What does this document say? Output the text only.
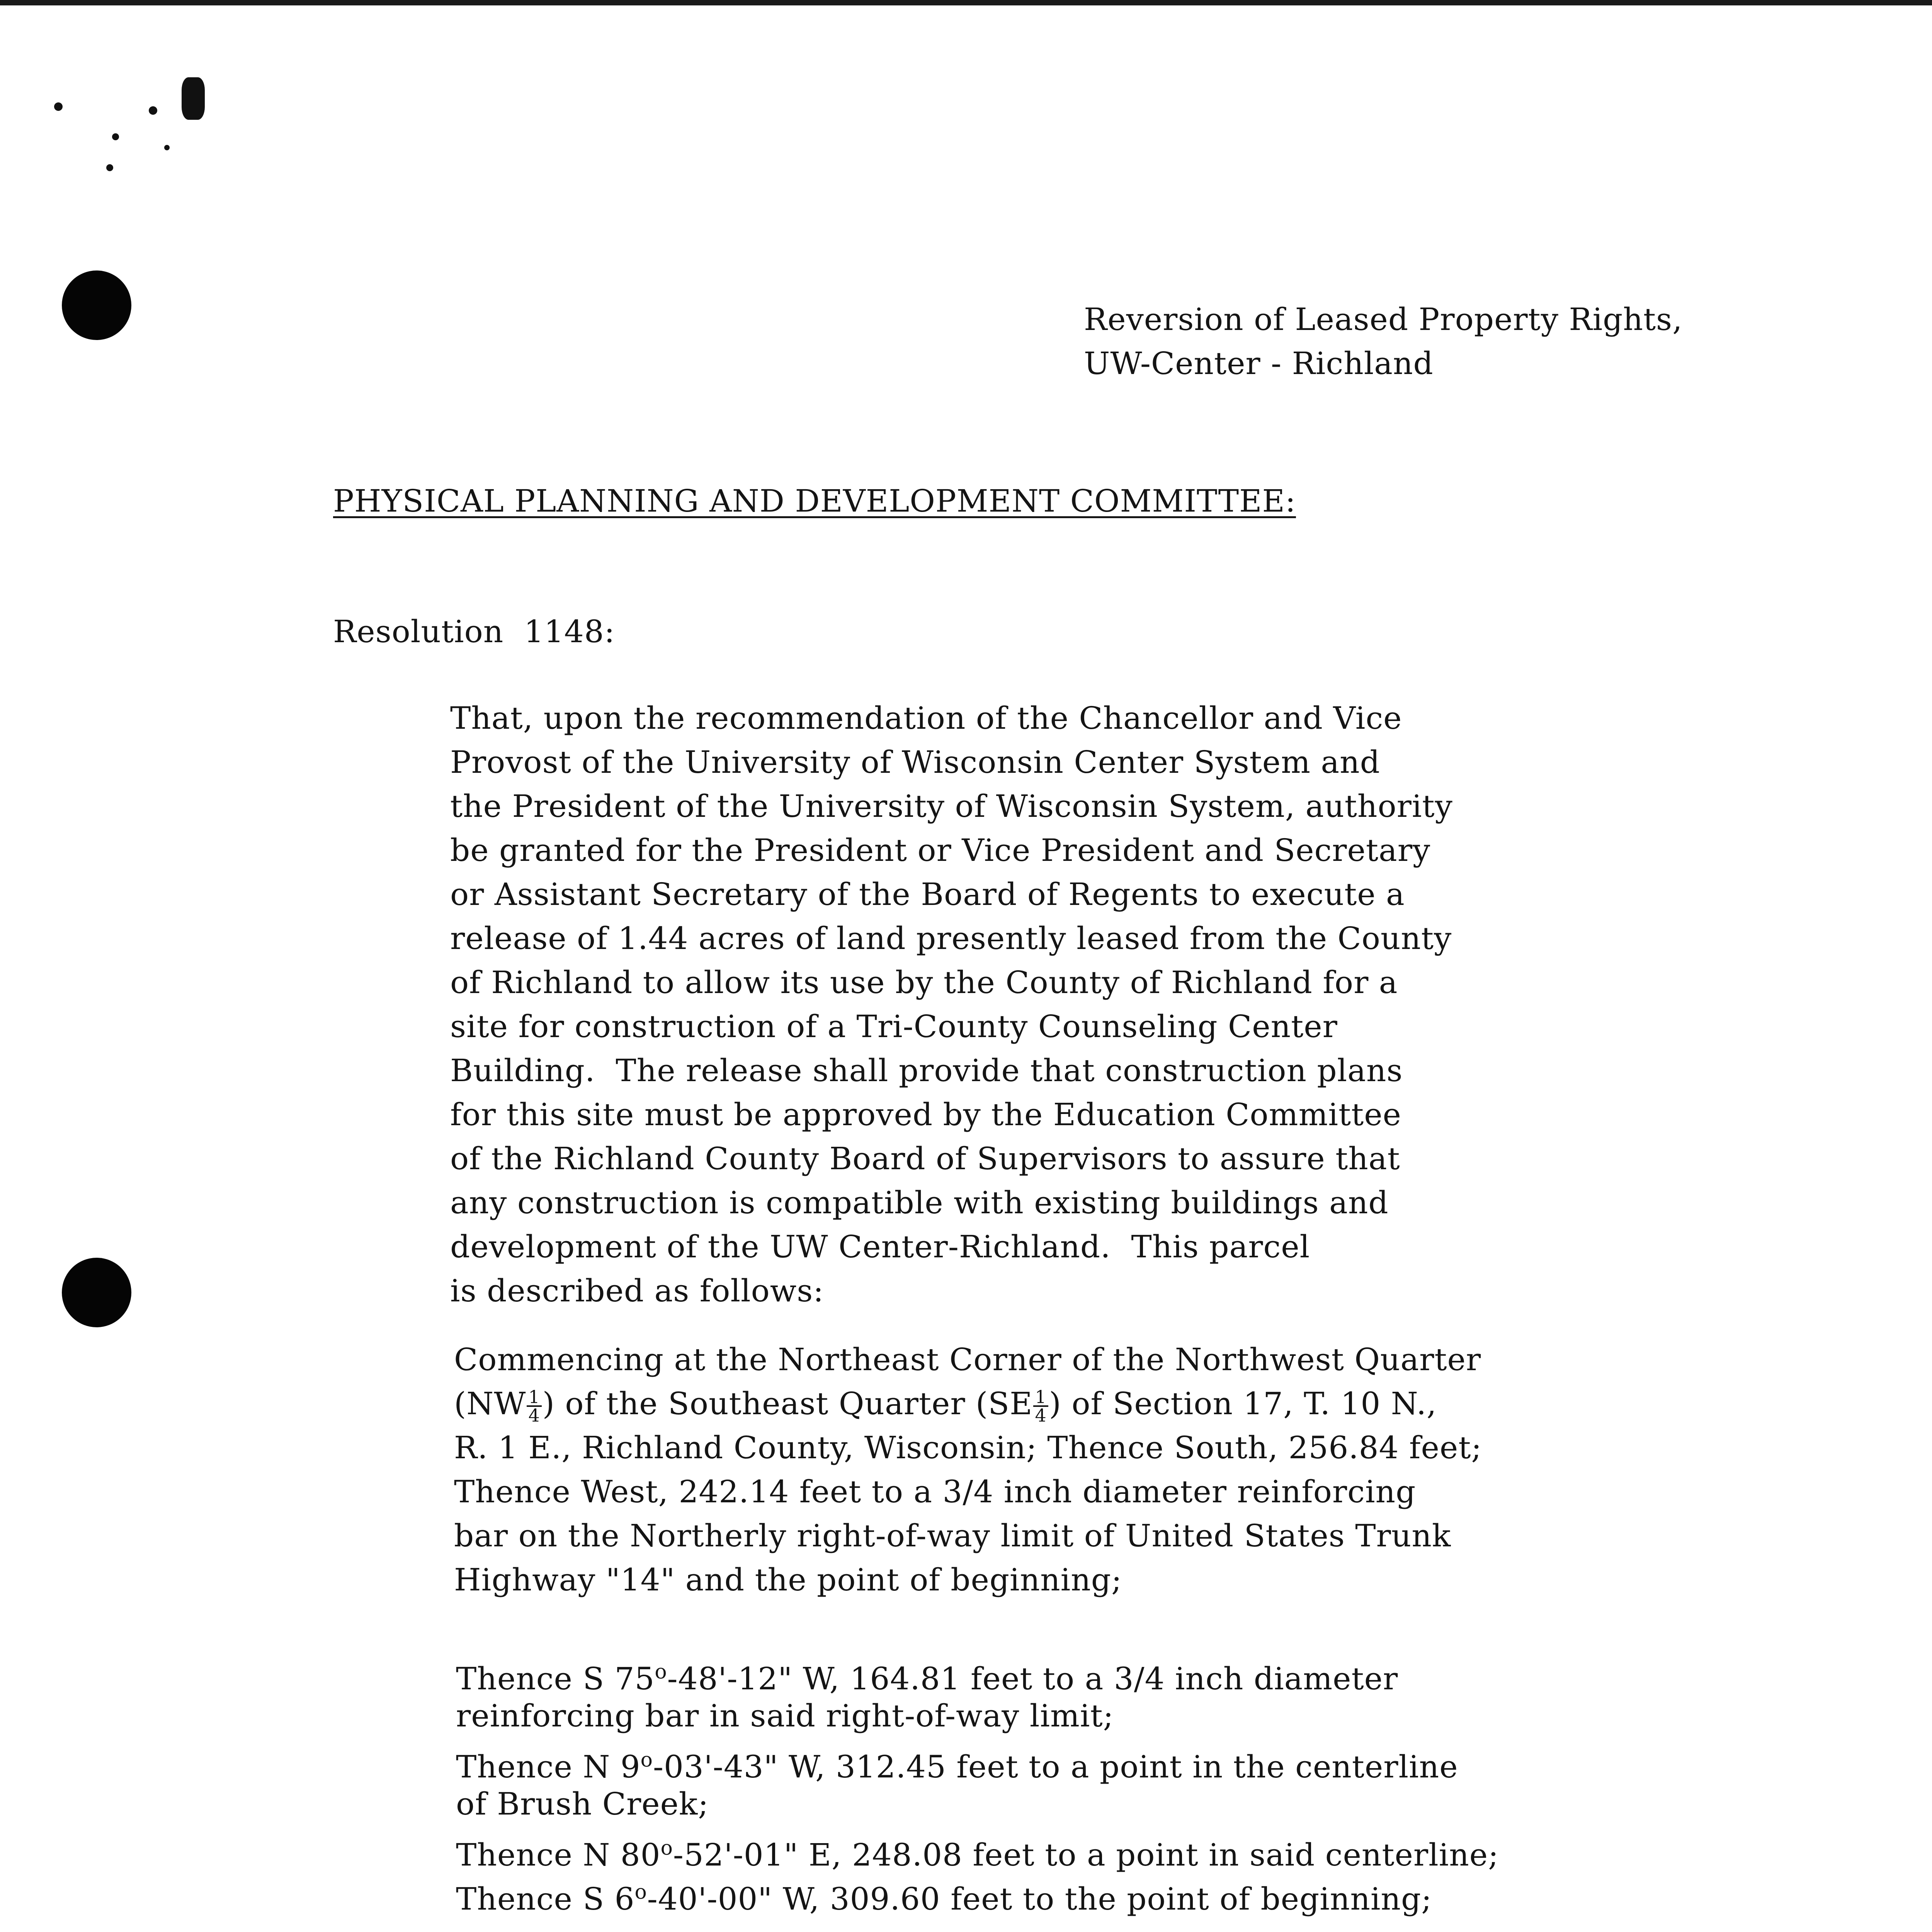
Reversion of Leased Property Rights,
UW-Center - Richland
PHYSICAL PLANNING AND DEVELOPMENT COMMITTEE:
Resolution  1148:
That, upon the recommendation of the Chancellor and Vice
Provost of the University of Wisconsin Center System and
the President of the University of Wisconsin System, authority
be granted for the President or Vice President and Secretary
or Assistant Secretary of the Board of Regents to execute a
release of 1.44 acres of land presently leased from the County
of Richland to allow its use by the County of Richland for a
site for construction of a Tri-County Counseling Center
Building.  The release shall provide that construction plans
for this site must be approved by the Education Committee
of the Richland County Board of Supervisors to assure that
any construction is compatible with existing buildings and
development of the UW Center-Richland.  This parcel
is described as follows:
Commencing at the Northeast Corner of the Northwest Quarter
($NW \frac{1}{4}$ ) of the Southeast Quarter ($SE \frac{1}{4}$ ) of Section 17, T. 10 N.,
R. 1 E., Richland County, Wisconsin; Thence South, 256.84 feet;
Thence West, 242.14 feet to a 3/4 inch diameter reinforcing
bar on the Northerly right-of-way limit of United States Trunk
Highway "14" and the point of beginning;
Thence S 75$^o$-48'-12" W, 164.81 feet to a 3/4 inch diameter
reinforcing bar in said right-of-way limit;
Thence N 9$^o$-03'-43" W, 312.45 feet to a point in the centerline
of Brush Creek;
Thence N 80$^o$-52'-01" E, 248.08 feet to a point in said centerline;
Thence S 6$^o$-40'-00" W, 309.60 feet to the point of beginning;
